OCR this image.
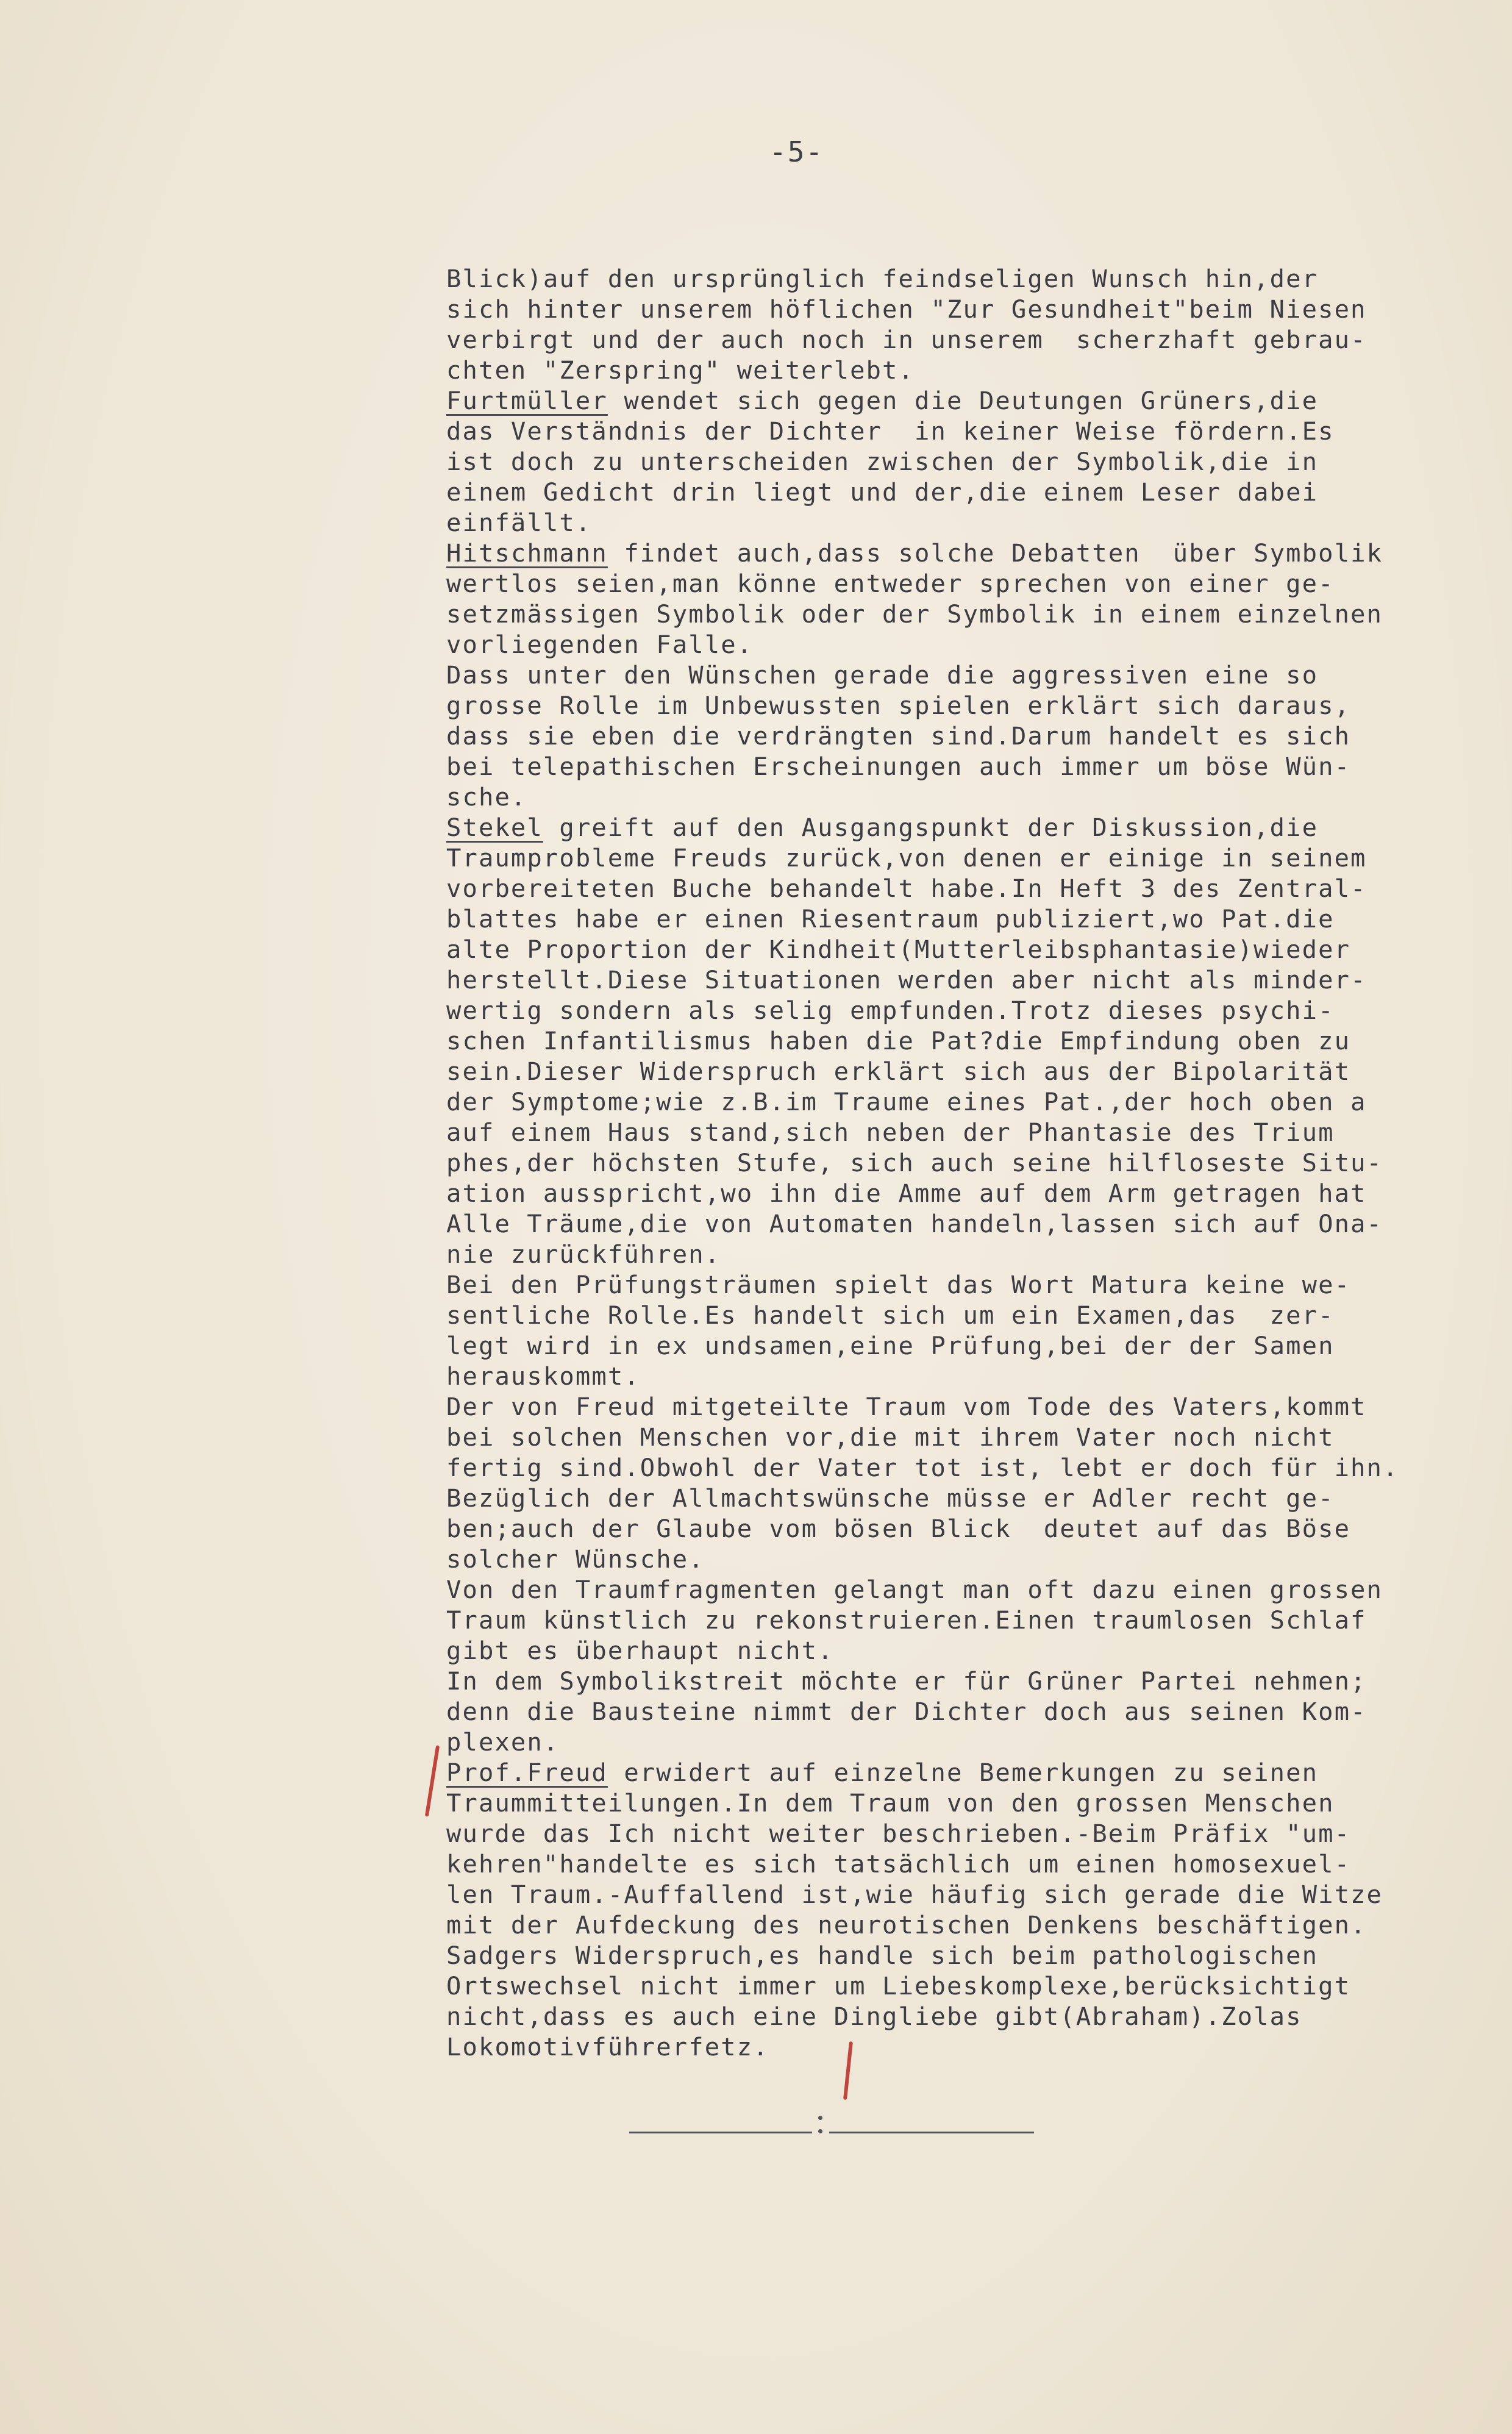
-5-
Blick)auf den ursprünglich feindseligen Wunsch hin,der
sich hinter unserem höflichen "Zur Gesundheit"beim Niesen
verbirgt und der auch noch in unserem  scherzhaft gebrau-
chten "Zerspring" weiterlebt.
Furtmüller wendet sich gegen die Deutungen Grüners,die
das Verständnis der Dichter  in keiner Weise fördern.Es
ist doch zu unterscheiden zwischen der Symbolik,die in
einem Gedicht drin liegt und der,die einem Leser dabei
einfällt.
Hitschmann findet auch,dass solche Debatten  über Symbolik
wertlos seien,man könne entweder sprechen von einer ge-
setzmässigen Symbolik oder der Symbolik in einem einzelnen
vorliegenden Falle.
Dass unter den Wünschen gerade die aggressiven eine so
grosse Rolle im Unbewussten spielen erklärt sich daraus,
dass sie eben die verdrängten sind.Darum handelt es sich
bei telepathischen Erscheinungen auch immer um böse Wün-
sche.
Stekel greift auf den Ausgangspunkt der Diskussion,die
Traumprobleme Freuds zurück,von denen er einige in seinem
vorbereiteten Buche behandelt habe.In Heft 3 des Zentral-
blattes habe er einen Riesentraum publiziert,wo Pat.die
alte Proportion der Kindheit(Mutterleibsphantasie)wieder
herstellt.Diese Situationen werden aber nicht als minder-
wertig sondern als selig empfunden.Trotz dieses psychi-
schen Infantilismus haben die Pat?die Empfindung oben zu
sein.Dieser Widerspruch erklärt sich aus der Bipolarität
der Symptome;wie z.B.im Traume eines Pat.,der hoch oben a
auf einem Haus stand,sich neben der Phantasie des Trium
phes,der höchsten Stufe, sich auch seine hilfloseste Situ-
ation ausspricht,wo ihn die Amme auf dem Arm getragen hat
Alle Träume,die von Automaten handeln,lassen sich auf Ona-
nie zurückführen.
Bei den Prüfungsträumen spielt das Wort Matura keine we-
sentliche Rolle.Es handelt sich um ein Examen,das  zer-
legt wird in ex undsamen,eine Prüfung,bei der der Samen
herauskommt.
Der von Freud mitgeteilte Traum vom Tode des Vaters,kommt
bei solchen Menschen vor,die mit ihrem Vater noch nicht
fertig sind.Obwohl der Vater tot ist, lebt er doch für ihn.
Bezüglich der Allmachtswünsche müsse er Adler recht ge-
ben;auch der Glaube vom bösen Blick  deutet auf das Böse
solcher Wünsche.
Von den Traumfragmenten gelangt man oft dazu einen grossen
Traum künstlich zu rekonstruieren.Einen traumlosen Schlaf
gibt es überhaupt nicht.
In dem Symbolikstreit möchte er für Grüner Partei nehmen;
denn die Bausteine nimmt der Dichter doch aus seinen Kom-
plexen.
Prof.Freud erwidert auf einzelne Bemerkungen zu seinen
Traummitteilungen.In dem Traum von den grossen Menschen
wurde das Ich nicht weiter beschrieben.-Beim Präfix "um-
kehren"handelte es sich tatsächlich um einen homosexuel-
len Traum.-Auffallend ist,wie häufig sich gerade die Witze
mit der Aufdeckung des neurotischen Denkens beschäftigen.
Sadgers Widerspruch,es handle sich beim pathologischen
Ortswechsel nicht immer um Liebeskomplexe,berücksichtigt
nicht,dass es auch eine Dingliebe gibt(Abraham).Zolas
Lokomotivführerfetz.
